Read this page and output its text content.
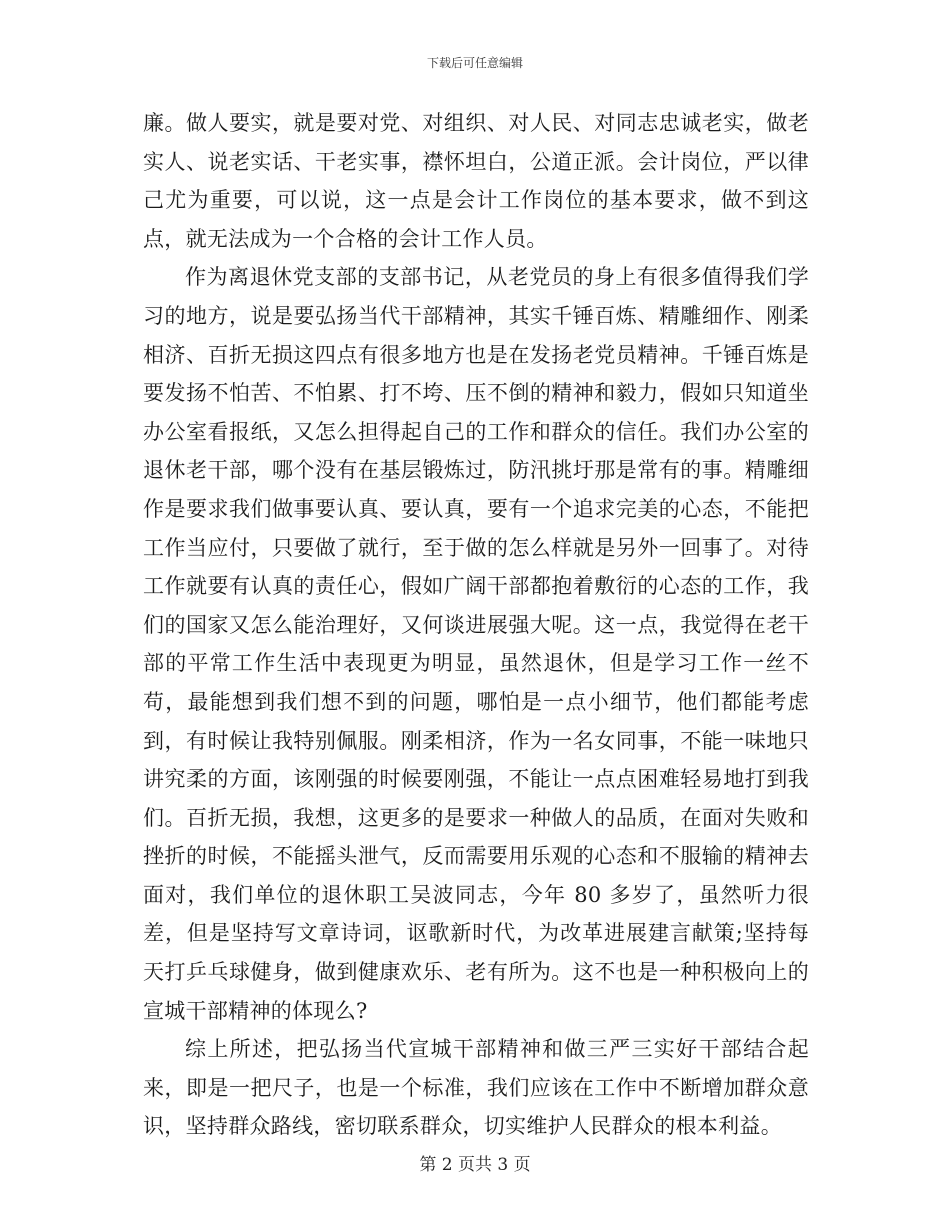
下载后可任意编辑

廉。做人要实，就是要对党、对组织、对人民、对同志忠诚老实，做老实人、说老实话、干老实事，襟怀坦白，公道正派。会计岗位，严以律己尤为重要，可以说，这一点是会计工作岗位的基本要求，做不到这点，就无法成为一个合格的会计工作人员。

作为离退休党支部的支部书记，从老党员的身上有很多值得我们学习的地方，说是要弘扬当代干部精神，其实千锤百炼、精雕细作、刚柔相济、百折无损这四点有很多地方也是在发扬老党员精神。千锤百炼是要发扬不怕苦、不怕累、打不垮、压不倒的精神和毅力，假如只知道坐办公室看报纸，又怎么担得起自己的工作和群众的信任。我们办公室的退休老干部，哪个没有在基层锻炼过，防汛挑圩那是常有的事。精雕细作是要求我们做事要认真、要认真，要有一个追求完美的心态，不能把工作当应付，只要做了就行，至于做的怎么样就是另外一回事了。对待工作就要有认真的责任心，假如广阔干部都抱着敷衍的心态的工作，我们的国家又怎么能治理好，又何谈进展强大呢。这一点，我觉得在老干部的平常工作生活中表现更为明显，虽然退休，但是学习工作一丝不苟，最能想到我们想不到的问题，哪怕是一点小细节，他们都能考虑到，有时候让我特别佩服。刚柔相济，作为一名女同事，不能一味地只讲究柔的方面，该刚强的时候要刚强，不能让一点点困难轻易地打到我们。百折无损，我想，这更多的是要求一种做人的品质，在面对失败和挫折的时候，不能摇头泄气，反而需要用乐观的心态和不服输的精神去面对，我们单位的退休职工吴波同志，今年 80 多岁了，虽然听力很差，但是坚持写文章诗词，讴歌新时代，为改革进展建言献策;坚持每天打乒乓球健身，做到健康欢乐、老有所为。这不也是一种积极向上的宣城干部精神的体现么?

综上所述，把弘扬当代宣城干部精神和做三严三实好干部结合起来，即是一把尺子，也是一个标准，我们应该在工作中不断增加群众意识，坚持群众路线，密切联系群众，切实维护人民群众的根本利益。

第 2 页共 3 页
